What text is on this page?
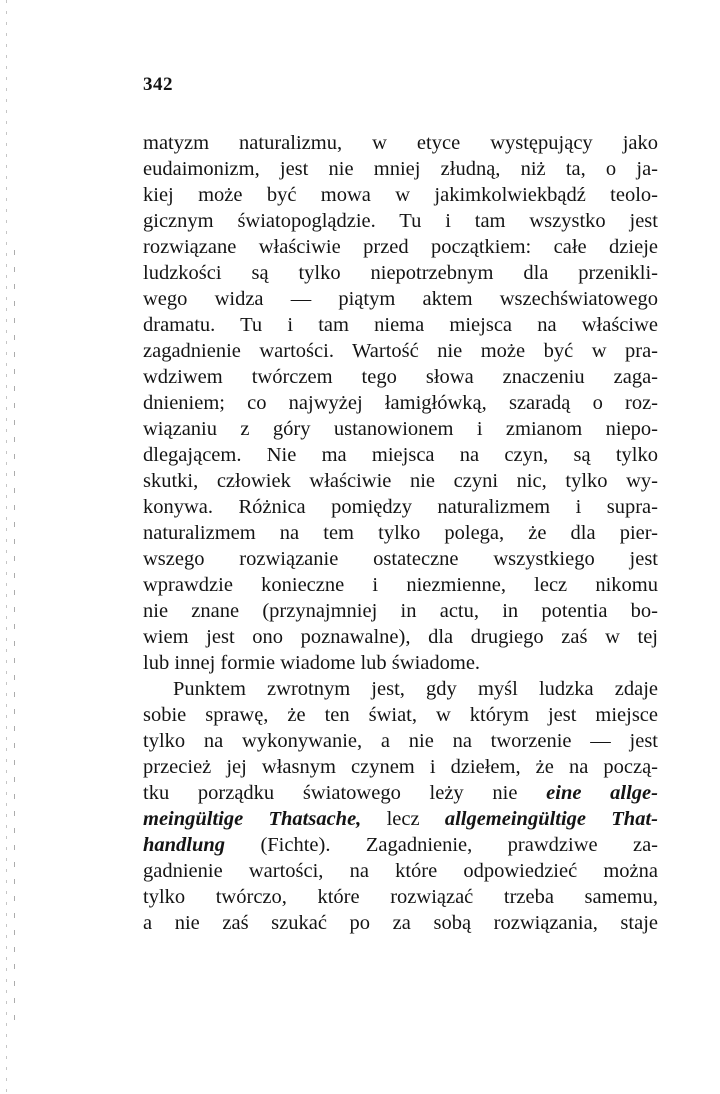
342
matyzm naturalizmu, w etyce występujący jako
eudaimonizm, jest nie mniej złudną, niż ta, o ja-
kiej może być mowa w jakimkolwiekbądź teolo-
gicznym światopoglądzie. Tu i tam wszystko jest
rozwiązane właściwie przed początkiem: całe dzieje
ludzkości są tylko niepotrzebnym dla przenikli-
wego widza — piątym aktem wszechświatowego
dramatu. Tu i tam niema miejsca na właściwe
zagadnienie wartości. Wartość nie może być w pra-
wdziwem twórczem tego słowa znaczeniu zaga-
dnieniem; co najwyżej łamigłówką, szaradą o roz-
wiązaniu z góry ustanowionem i zmianom niepo-
dlegającem. Nie ma miejsca na czyn, są tylko
skutki, człowiek właściwie nie czyni nic, tylko wy-
konywa. Różnica pomiędzy naturalizmem i supra-
naturalizmem na tem tylko polega, że dla pier-
wszego rozwiązanie ostateczne wszystkiego jest
wprawdzie konieczne i niezmienne, lecz nikomu
nie znane (przynajmniej in actu, in potentia bo-
wiem jest ono poznawalne), dla drugiego zaś w tej
lub innej formie wiadome lub świadome.
Punktem zwrotnym jest, gdy myśl ludzka zdaje
sobie sprawę, że ten świat, w którym jest miejsce
tylko na wykonywanie, a nie na tworzenie — jest
przecież jej własnym czynem i dziełem, że na począ-
tku porządku światowego leży nie eine allge-
meingültige Thatsache, lecz allgemeingültige That-
handlung (Fichte). Zagadnienie, prawdziwe za-
gadnienie wartości, na które odpowiedzieć można
tylko twórczo, które rozwiązać trzeba samemu,
a nie zaś szukać po za sobą rozwiązania, staje
